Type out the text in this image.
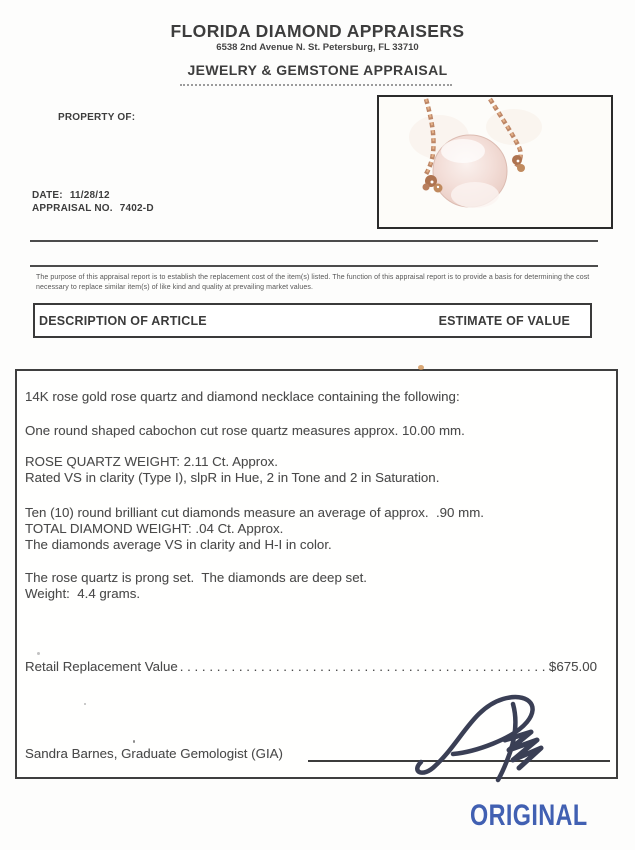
FLORIDA DIAMOND APPRAISERS
6538 2nd Avenue N. St. Petersburg, FL 33710
JEWELRY & GEMSTONE APPRAISAL
PROPERTY OF:
DATE: 11/28/12
APPRAISAL NO. 7402-D
The purpose of this appraisal report is to establish the replacement cost of the item(s) listed. The function of this appraisal report is to provide a basis for determining the cost necessary to replace similar item(s) of like kind and quality at prevailing market values.
DESCRIPTION OF ARTICLE	ESTIMATE OF VALUE
14K rose gold rose quartz and diamond necklace containing the following:
One round shaped cabochon cut rose quartz measures approx. 10.00 mm.
ROSE QUARTZ WEIGHT: 2.11 Ct. Approx.
Rated VS in clarity (Type I), slpR in Hue, 2 in Tone and 2 in Saturation.
Ten (10) round brilliant cut diamonds measure an average of approx.  .90 mm.
TOTAL DIAMOND WEIGHT: .04 Ct. Approx.
The diamonds average VS in clarity and H-I in color.
The rose quartz is prong set.  The diamonds are deep set.
Weight:  4.4 grams.
Retail Replacement Value . . . . . . . . . . . . . . . . . . . . . . . . . . . . . . . . . . . . . . . . . . . . . . . . . . $675.00
Sandra Barnes, Graduate Gemologist (GIA)
ORIGINAL
